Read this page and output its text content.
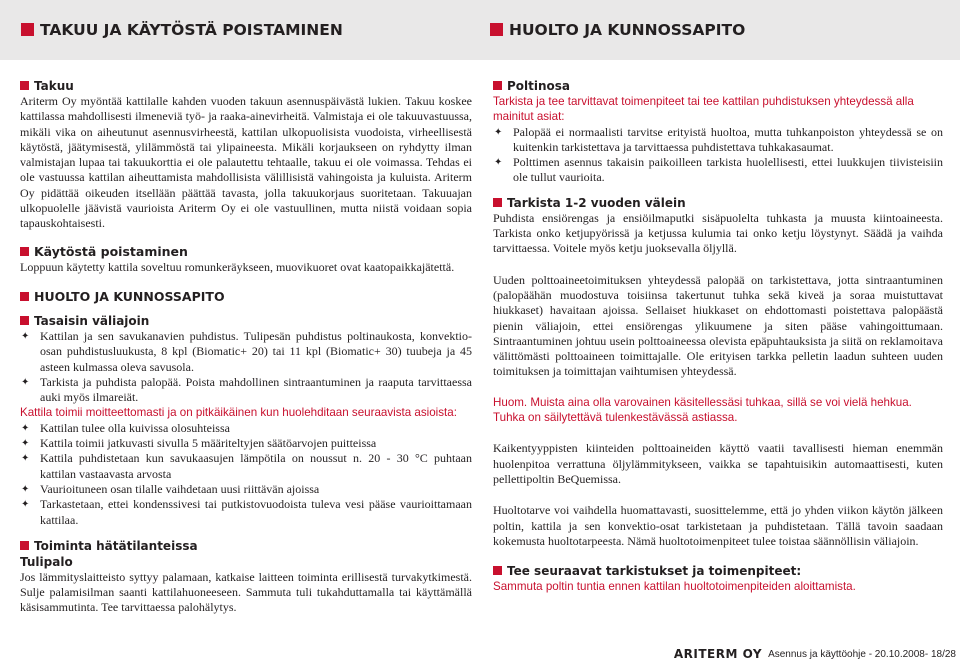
TAKUU JA KÄYTÖSTÄ POISTAMINEN	HUOLTO JA KUNNOSSAPITO
Takuu

Ariterm Oy myöntää kattilalle kahden vuoden takuun asennuspäivästä lukien. Takuu koskee kattilassa mahdollisesti ilmeneviä työ- ja raaka-ainevirheitä. Valmistaja ei ole takuuvastuussa, mikäli vika on aiheutunut asennusvirheestä, kattilan ulkopuolisista vuodoista, virheellisestä käytöstä, jäätymisestä, ylilämmöstä tai ylipaineesta. Mikäli korjaukseen on ryhdytty ilman valmistajan lupaa tai takuukorttia ei ole palautettu tehtaalle, takuu ei ole voimassa. Tehdas ei ole vastuussa kattilan aiheuttamista mahdollisista välillisistä vahingoista ja kuluista. Ariterm Oy pidättää oikeuden itsellään päättää tavasta, jolla takuukorjaus suoritetaan. Takuuajan ulkopuolelle jäävistä vaurioista Ariterm Oy ei ole vastuullinen, mutta niistä voidaan sopia tapauskohtaisesti.

Käytöstä poistaminen

Loppuun käytetty kattila soveltuu romunkeräykseen, muovikuoret ovat kaatopaikkajätettä.

HUOLTO JA KUNNOSSAPITO
Tasaisin väliajoin
✦ Kattilan ja sen savukanavien puhdistus. Tulipesän puhdistus poltinaukosta, konvektio-osan puhdistusluukusta, 8 kpl (Biomatic+ 20) tai 11 kpl (Biomatic+ 30) tuubeja ja 45 asteen kulmassa oleva savusola.
✦ Tarkista ja puhdista palopää. Poista mahdollinen sintraantuminen ja raaputa tarvittaessa auki myös ilmareiät.

Kattila toimii moitteettomasti ja on pitkäikäinen kun huolehditaan seuraavista asioista:

✦ Kattilan tulee olla kuivissa olosuhteissa
✦ Kattila toimii jatkuvasti sivulla 5 määriteltyjen säätöarvojen puitteissa
✦ Kattila puhdistetaan kun savukaasujen lämpötila on noussut n. 20 - 30 °C puhtaan kattilan vastaavasta arvosta
✦ Vaurioituneen osan tilalle vaihdetaan uusi riittävän ajoissa
✦ Tarkastetaan, ettei kondenssivesi tai putkistovuodoista tuleva vesi pääse vaurioittamaan kattilaa.
Toiminta hätätilanteissa
Tulipalo

Jos lämmityslaitteisto syttyy palamaan, katkaise laitteen toiminta erillisestä turvakytkimestä. Sulje palamisilman saanti kattilahuoneeseen. Sammuta tuli tukahduttamalla tai käyttämällä käsisammutinta. Tee tarvittaessa palohälytys.

Poltinosa

Tarkista ja tee tarvittavat toimenpiteet tai tee kattilan puhdistuksen yhteydessä alla mainitut asiat:

✦ Palopää ei normaalisti tarvitse erityistä huoltoa, mutta tuhkanpoiston yhteydessä se on kuitenkin tarkistettava ja tarvittaessa puhdistettava tuhkakasaumat.
✦ Polttimen asennus takaisin paikoilleen tarkista huolellisesti, ettei luukkujen tiivisteisiin ole tullut vaurioita.
Tarkista 1-2 vuoden välein

Puhdista ensiörengas ja ensiöilmaputki sisäpuolelta tuhkasta ja muusta kiintoaineesta. Tarkista onko ketjupyörissä ja ketjussa kulumia tai onko ketju löystynyt. Säädä ja vaihda tarvittaessa. Voitele myös ketju juoksevalla öljyllä.

Uuden polttoaineetoimituksen yhteydessä palopää on tarkistettava, jotta sintraantuminen (palopäähän muodostuva toisiinsa takertunut tuhka sekä kiveä ja soraa muistuttavat hiukkaset) havaitaan ajoissa. Sellaiset hiukkaset on ehdottomasti poistettava palopäästä pienin väliajoin, ettei ensiörengas ylikuumene ja siten pääse vahingoittumaan. Sintraantuminen johtuu usein polttoaineessa olevista epäpuhtauksista ja siitä on reklamoitava välittömästi polttoaineen toimittajalle. Ole erityisen tarkka pelletin laadun suhteen uuden toimituksen ja toimittajan vaihtumisen yhteydessä.

Huom. Muista aina olla varovainen käsitellessäsi tuhkaa, sillä se voi vielä hehkua. Tuhka on säilytettävä tulenkestävässä astiassa.

Kaikentyyppisten kiinteiden polttoaineiden käyttö vaatii tavallisesti hieman enemmän huolenpitoa verrattuna öljylämmitykseen, vaikka se tapahtuisikin automaattisesti, kuten pellettipoltin BeQuemissa.

Huoltotarve voi vaihdella huomattavasti, suosittelemme, että jo yhden viikon käytön jälkeen poltin, kattila ja sen konvektio-osat tarkistetaan ja puhdistetaan. Tällä tavoin saadaan kokemusta huoltotarpeesta. Nämä huoltotoimenpiteet tulee toistaa säännöllisin väliajoin.

Tee seuraavat tarkistukset ja toimenpiteet:

Sammuta poltin tuntia ennen kattilan huoltotoimenpiteiden aloittamista.

ARITERM OY Asennus ja käyttöohje - 20.10.2008- 18/28
